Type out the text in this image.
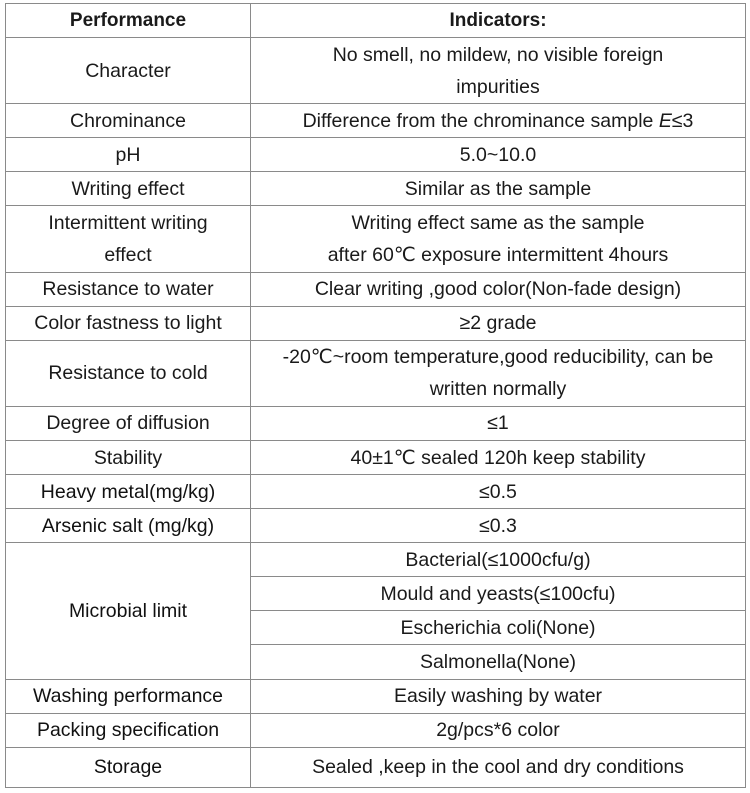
Performance	Indicators:
Character	No smell, no mildew, no visible foreign impurities
Chrominance	Difference from the chrominance sample E≤3
pH	5.0~10.0
Writing effect	Similar as the sample
Intermittent writing effect	Writing effect same as the sample
after 60℃ exposure intermittent 4hours

Resistance to water	Clear writing ,good color(Non-fade design)
Color fastness to light	≥2 grade
Resistance to cold	-20℃~room temperature,good reducibility, can be written normally
Degree of diffusion	≤1
Stability	40±1℃ sealed 120h keep stability
Heavy metal(mg/kg)	≤0.5
Arsenic salt (mg/kg)	≤0.3
Microbial limit	Bacterial(≤1000cfu/g)
	Mould and yeasts(≤100cfu)
	Escherichia coli(None)
	Salmonella(None)
Washing performance	Easily washing by water
Packing specification	2g/pcs*6 color
Storage	Sealed ,keep in the cool and dry conditions
